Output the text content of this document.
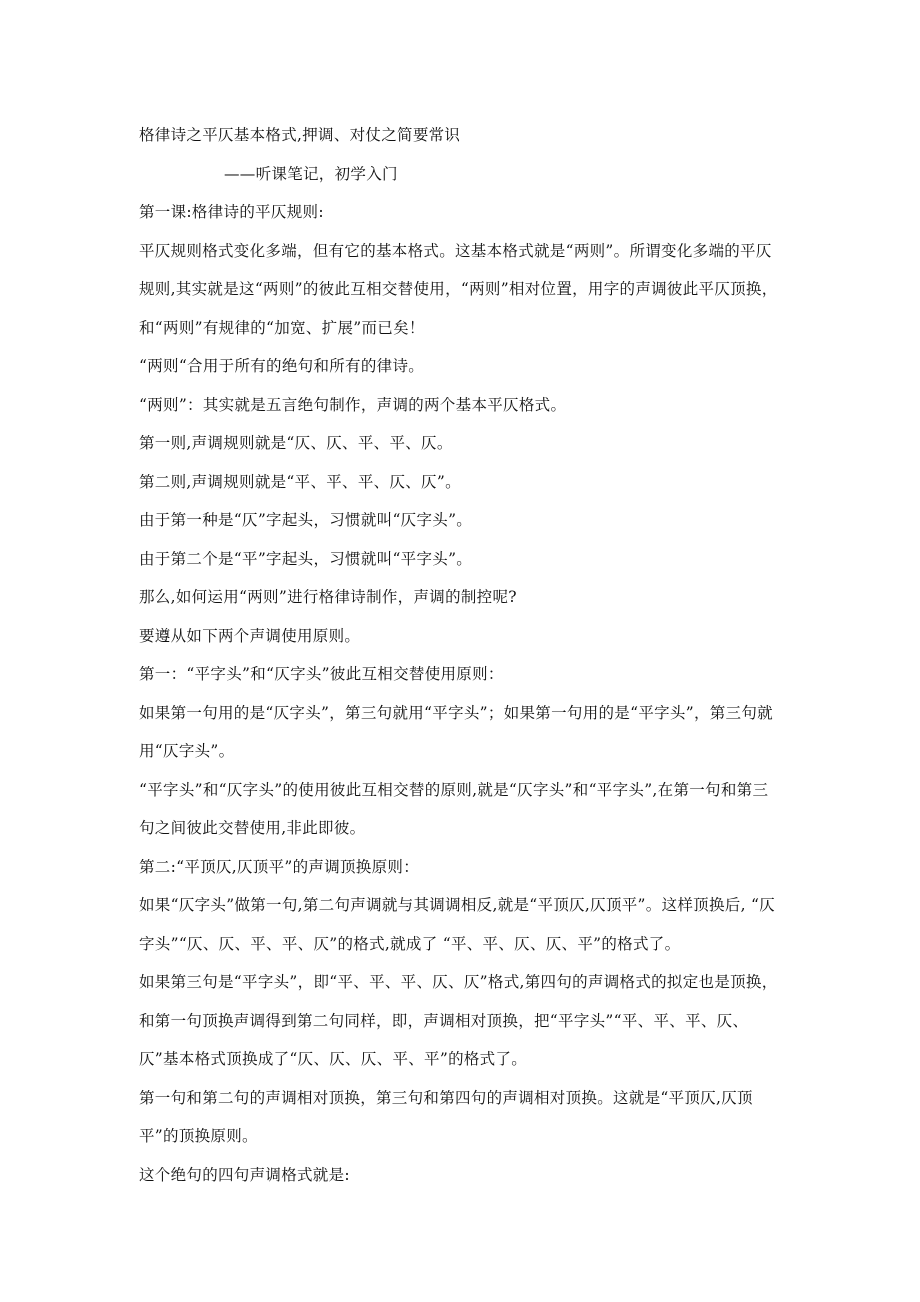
格律诗之平仄基本格式,押调、对仗之简要常识

——听课笔记，初学入门

第一课:格律诗的平仄规则:

平仄规则格式变化多端，但有它的基本格式。这基本格式就是“两则”。所谓变化多端的平仄规则,其实就是这“两则”的彼此互相交替使用，“两则”相对位置，用字的声调彼此平仄顶换，和“两则”有规律的“加宽、扩展”而已矣！

“两则“合用于所有的绝句和所有的律诗。

“两则”：其实就是五言绝句制作，声调的两个基本平仄格式。

第一则,声调规则就是“仄、仄、平、平、仄。

第二则,声调规则就是“平、平、平、仄、仄”。

由于第一种是“仄”字起头，习惯就叫“仄字头”。

由于第二个是“平”字起头，习惯就叫“平字头”。

那么,如何运用“两则”进行格律诗制作，声调的制控呢?

要遵从如下两个声调使用原则。

第一：“平字头”和“仄字头”彼此互相交替使用原则：

如果第一句用的是“仄字头”，第三句就用“平字头”；如果第一句用的是“平字头”，第三句就用“仄字头”。

“平字头”和“仄字头”的使用彼此互相交替的原则,就是“仄字头”和“平字头”,在第一句和第三句之间彼此交替使用,非此即彼。

第二:“平顶仄,仄顶平”的声调顶换原则：

如果“仄字头”做第一句,第二句声调就与其调调相反,就是“平顶仄,仄顶平”。这样顶换后, “仄字头”“仄、仄、平、平、仄”的格式,就成了 “平、平、仄、仄、平”的格式了。

如果第三句是“平字头”，即“平、平、平、仄、仄”格式,第四句的声调格式的拟定也是顶换，和第一句顶换声调得到第二句同样，即，声调相对顶换，把“平字头”“平、平、平、仄、仄”基本格式顶换成了“仄、仄、仄、平、平”的格式了。

第一句和第二句的声调相对顶换，第三句和第四句的声调相对顶换。这就是“平顶仄,仄顶平”的顶换原则。

这个绝句的四句声调格式就是:
